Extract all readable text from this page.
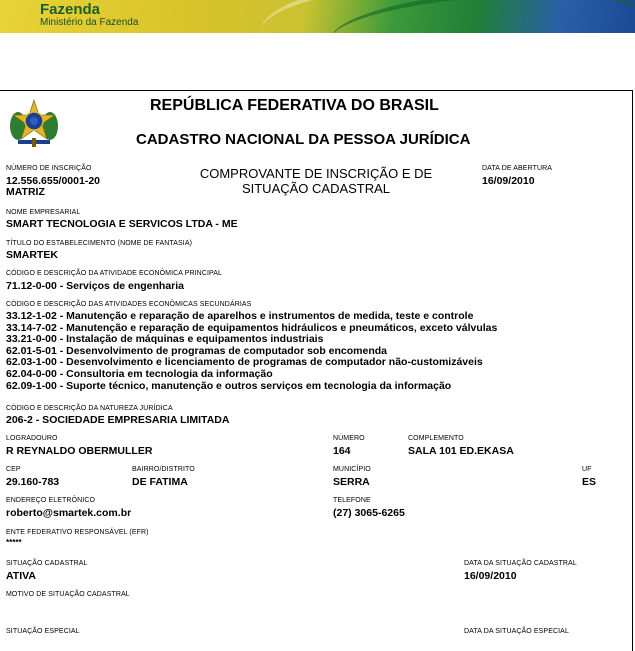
Fazenda
Ministério da Fazenda
REPÚBLICA FEDERATIVA DO BRASIL
CADASTRO NACIONAL DA PESSOA JURÍDICA
NÚMERO DE INSCRIÇÃO
12.556.655/0001-20
MATRIZ
COMPROVANTE DE INSCRIÇÃO E DE
SITUAÇÃO CADASTRAL
DATA DE ABERTURA
16/09/2010
NOME EMPRESARIAL
SMART TECNOLOGIA E SERVICOS LTDA - ME
TÍTULO DO ESTABELECIMENTO (NOME DE FANTASIA)
SMARTEK
CÓDIGO E DESCRIÇÃO DA ATIVIDADE ECONÔMICA PRINCIPAL
71.12-0-00 - Serviços de engenharia
CÓDIGO E DESCRIÇÃO DAS ATIVIDADES ECONÔMICAS SECUNDÁRIAS
33.12-1-02 - Manutenção e reparação de aparelhos e instrumentos de medida, teste e controle
33.14-7-02 - Manutenção e reparação de equipamentos hidráulicos e pneumáticos, exceto válvulas
33.21-0-00 - Instalação de máquinas e equipamentos industriais
62.01-5-01 - Desenvolvimento de programas de computador sob encomenda
62.03-1-00 - Desenvolvimento e licenciamento de programas de computador não-customizáveis
62.04-0-00 - Consultoria em tecnologia da informação
62.09-1-00 - Suporte técnico, manutenção e outros serviços em tecnologia da informação
CÓDIGO E DESCRIÇÃO DA NATUREZA JURÍDICA
206-2 - SOCIEDADE EMPRESARIA LIMITADA
LOGRADOURO
R REYNALDO OBERMULLER
NÚMERO
164
COMPLEMENTO
SALA 101 ED.EKASA
CEP
29.160-783
BAIRRO/DISTRITO
DE FATIMA
MUNICÍPIO
SERRA
UF
ES
ENDEREÇO ELETRÔNICO
roberto@smartek.com.br
TELEFONE
(27) 3065-6265
ENTE FEDERATIVO RESPONSÁVEL (EFR)
*****
SITUAÇÃO CADASTRAL
ATIVA
DATA DA SITUAÇÃO CADASTRAL
16/09/2010
MOTIVO DE SITUAÇÃO CADASTRAL
SITUAÇÃO ESPECIAL	DATA DA SITUAÇÃO ESPECIAL
